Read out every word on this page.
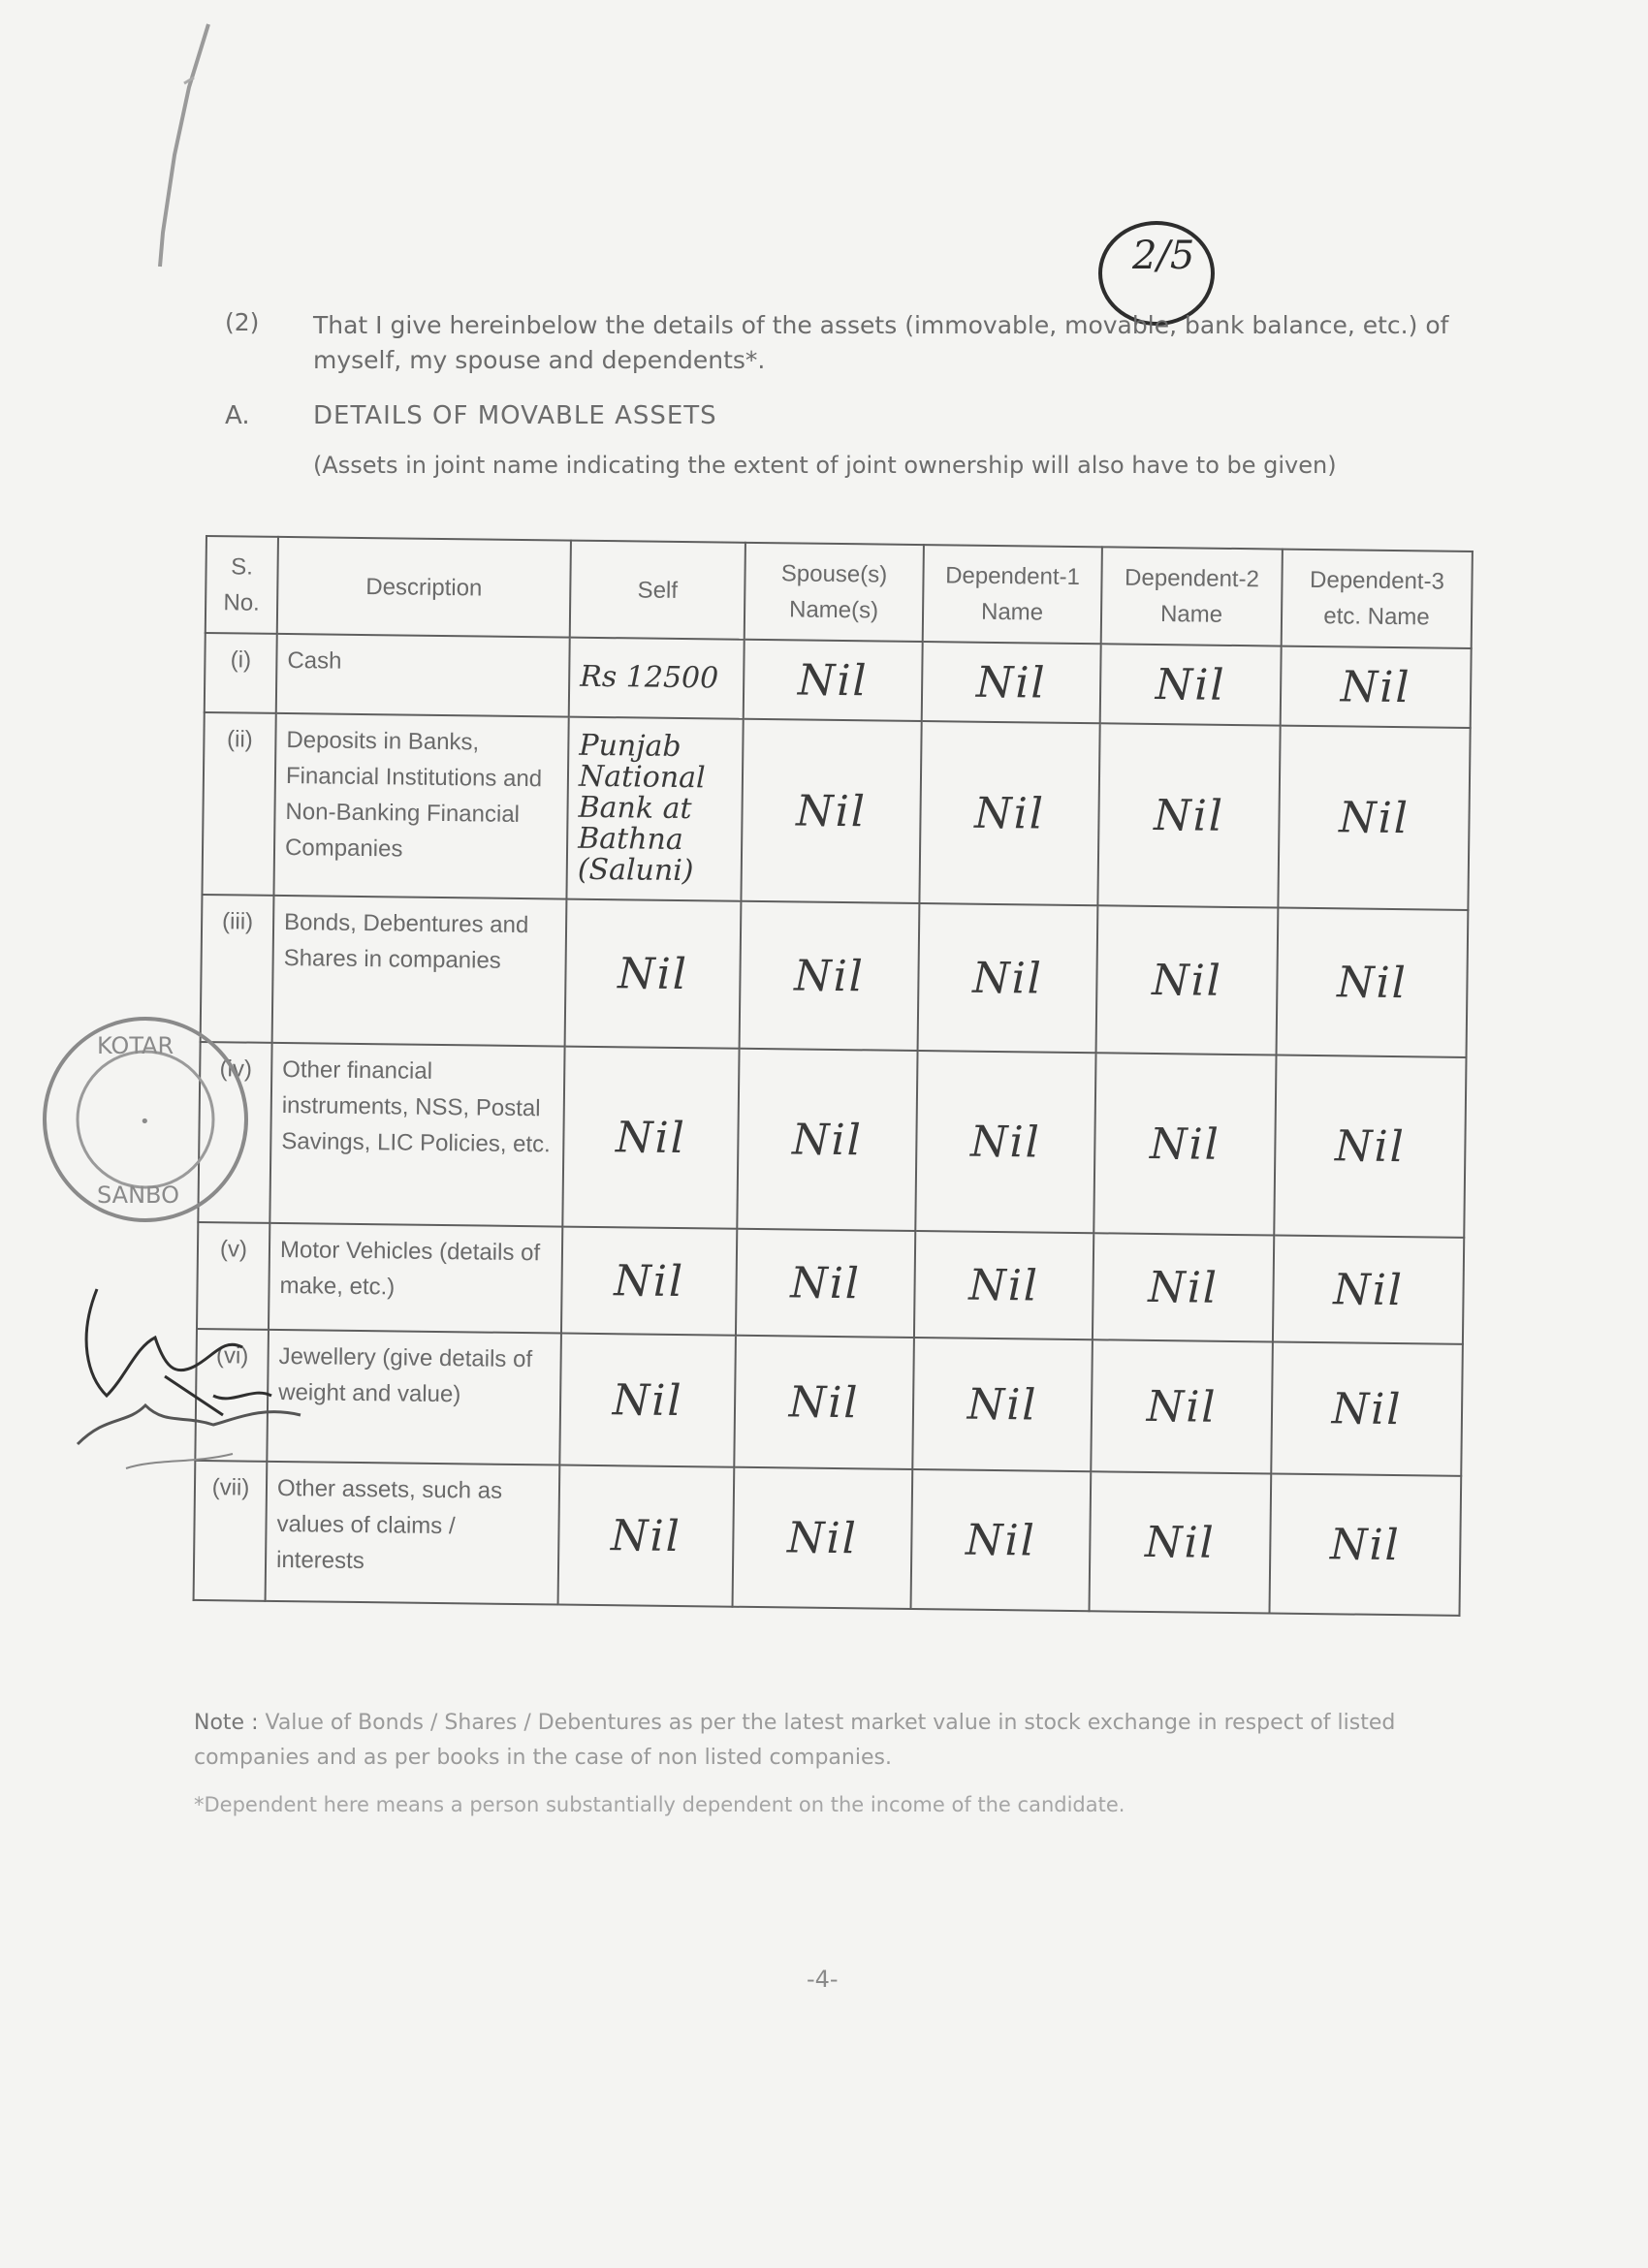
2/5
(2) That I give hereinbelow the details of the assets (immovable, movable, bank balance, etc.) of myself, my spouse and dependents*.
A.	DETAILS OF MOVABLE ASSETS
(Assets in joint name indicating the extent of joint ownership will also have to be given)
S. No.	Description	Self	Spouse(s) Name(s)	Dependent-1 Name	Dependent-2 Name	Dependent-3 etc. Name
(i)	Cash	Rs 12500	Nil	Nil	Nil	Nil
(ii)	Deposits in Banks, Financial Institutions and Non-Banking Financial Companies	Punjab National Bank at Bathna (Saluni)	Nil	Nil	Nil	Nil
(iii)	Bonds, Debentures and Shares in companies	Nil	Nil	Nil	Nil	Nil
(iv)	Other financial instruments, NSS, Postal Savings, LIC Policies, etc.	Nil	Nil	Nil	Nil	Nil
(v)	Motor Vehicles (details of make, etc.)	Nil	Nil	Nil	Nil	Nil
(vi)	Jewellery (give details of weight and value)	Nil	Nil	Nil	Nil	Nil
(vii)	Other assets, such as values of claims / interests	Nil	Nil	Nil	Nil	Nil
KOTAR
•
SANBO
Note : Value of Bonds / Shares / Debentures as per the latest market value in stock exchange in respect of listed companies and as per books in the case of non listed companies.
*Dependent here means a person substantially dependent on the income of the candidate.
-4-
